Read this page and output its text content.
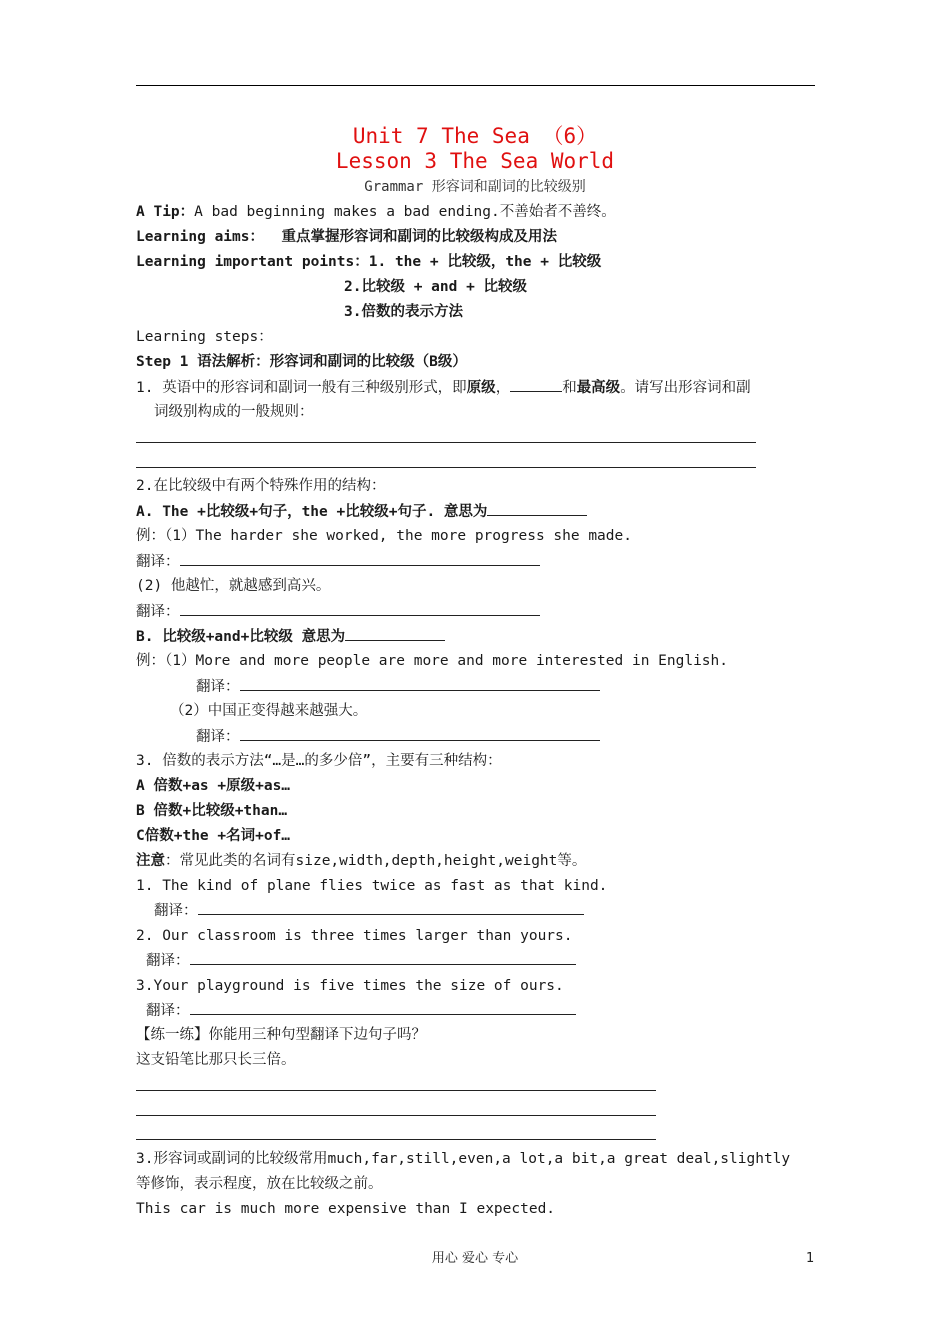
Unit 7 The Sea （6）
Lesson 3 The Sea World
Grammar 形容词和副词的比较级别
A Tip：A bad beginning makes a bad ending.不善始者不善终。
Learning aims： 重点掌握形容词和副词的比较级构成及用法
Learning important points：1. the + 比较级，the + 比较级
2.比较级 + and + 比较级
3.倍数的表示方法
Learning steps：
Step 1 语法解析：形容词和副词的比较级（B级）
1. 英语中的形容词和副词一般有三种级别形式，即原级，	和最高级。请写出形容词和副
词级别构成的一般规则：
2.在比较级中有两个特殊作用的结构：
A. The +比较级+句子，the +比较级+句子. 意思为
例：（1）The harder she worked, the more progress she made.
翻译：
(2) 他越忙，就越感到高兴。
翻译：
B. 比较级+and+比较级 意思为
例：（1）More and more people are more and more interested in English.
翻译：
（2）中国正变得越来越强大。
翻译：
3. 倍数的表示方法“…是…的多少倍”，主要有三种结构：
A 倍数+as +原级+as…
B 倍数+比较级+than…
C倍数+the +名词+of…
注意：常见此类的名词有size,width,depth,height,weight等。
1. The kind of plane flies twice as fast as that kind.
翻译：
2. Our classroom is three times larger than yours.
翻译：
3.Your playground is five times the size of ours.
翻译：
【练一练】你能用三种句型翻译下边句子吗？
这支铅笔比那只长三倍。
3.形容词或副词的比较级常用much,far,still,even,a lot,a bit,a great deal,slightly
等修饰，表示程度，放在比较级之前。
This car is much more expensive than I expected.
用心 爱心 专心	1
